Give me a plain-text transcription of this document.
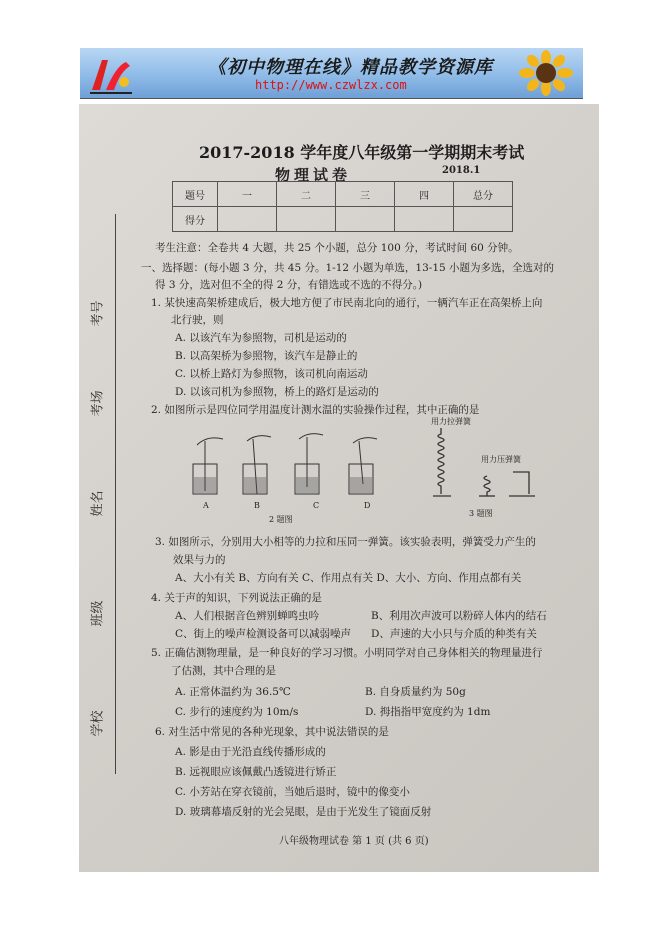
《初中物理在线》精品教学资源库
http://www.czwlzx.com
考号
考场
姓名
班级
学校
2017-2018 学年度八年级第一学期期末考试
物理试卷	2018.1
题号	一	二	三	四	总分
得分					
考生注意：全卷共 4 大题，共 25 个小题，总分 100 分，考试时间 60 分钟。
一、选择题：(每小题 3 分，共 45 分。1-12 小题为单选，13-15 小题为多选，全选对的
得 3 分，选对但不全的得 2 分，有错选或不选的不得分。)
1. 某快速高架桥建成后，极大地方便了市民南北向的通行，一辆汽车正在高架桥上向
北行驶，则
A. 以该汽车为参照物，司机是运动的
B. 以高架桥为参照物，该汽车是静止的
C. 以桥上路灯为参照物，该司机向南运动
D. 以该司机为参照物，桥上的路灯是运动的
2. 如图所示是四位同学用温度计测水温的实验操作过程，其中正确的是
A	B	C	D
2 题图
用力拉弹簧
用力压弹簧
3 题图
3. 如图所示，分别用大小相等的力拉和压同一弹簧。该实验表明，弹簧受力产生的
效果与力的
A、大小有关 B、方向有关 C、作用点有关 D、大小、方向、作用点都有关
4. 关于声的知识，下列说法正确的是
A、人们根据音色辨别蝉鸣虫吟	B、利用次声波可以粉碎人体内的结石
C、街上的噪声检测设备可以减弱噪声 D、声速的大小只与介质的种类有关
5. 正确估测物理量，是一种良好的学习习惯。小明同学对自己身体相关的物理量进行
了估测，其中合理的是
A. 正常体温约为 36.5℃	B. 自身质量约为 50g
C. 步行的速度约为 10m/s	D. 拇指指甲宽度约为 1dm
6. 对生活中常见的各种光现象，其中说法错误的是
A. 影是由于光沿直线传播形成的
B. 远视眼应该佩戴凸透镜进行矫正
C. 小芳站在穿衣镜前，当她后退时，镜中的像变小
D. 玻璃幕墙反射的光会晃眼，是由于光发生了镜面反射
八年级物理试卷 第 1 页 (共 6 页)
